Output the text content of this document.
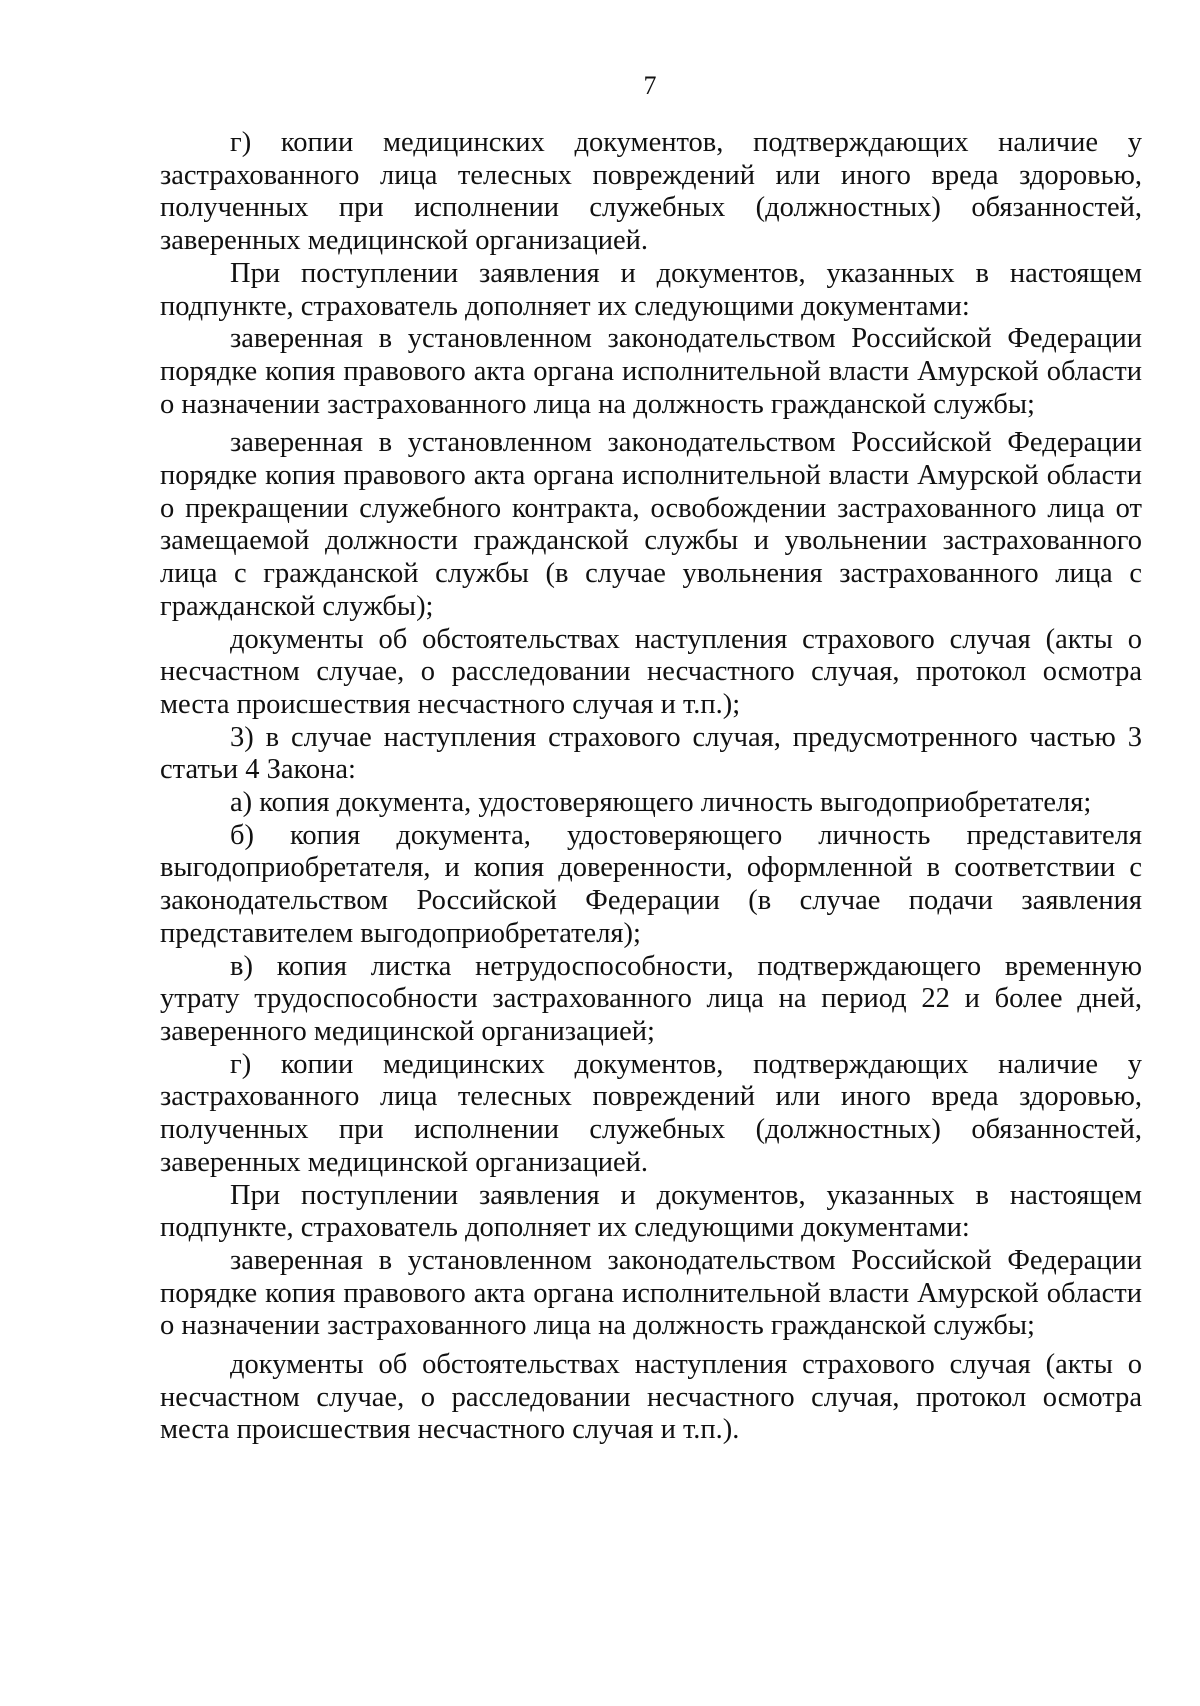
7

г) копии медицинских документов, подтверждающих наличие у застрахованного лица телесных повреждений или иного вреда здоровью, полученных при исполнении служебных (должностных) обязанностей, заверенных медицинской организацией.

При поступлении заявления и документов, указанных в настоящем подпункте, страхователь дополняет их следующими документами:

заверенная в установленном законодательством Российской Федерации порядке копия правового акта органа исполнительной власти Амурской области о назначении застрахованного лица на должность гражданской службы;

заверенная в установленном законодательством Российской Федерации порядке копия правового акта органа исполнительной власти Амурской области о прекращении служебного контракта, освобождении застрахованного лица от замещаемой должности гражданской службы и увольнении застрахованного лица с гражданской службы (в случае увольнения застрахованного лица с гражданской службы);

документы об обстоятельствах наступления страхового случая (акты о несчастном случае, о расследовании несчастного случая, протокол осмотра места происшествия несчастного случая и т.п.);

3) в случае наступления страхового случая, предусмотренного частью 3 статьи 4 Закона:

а) копия документа, удостоверяющего личность выгодоприобретателя;

б) копия документа, удостоверяющего личность представителя выгодоприобретателя, и копия доверенности, оформленной в соответствии с законодательством Российской Федерации (в случае подачи заявления представителем выгодоприобретателя);

в) копия листка нетрудоспособности, подтверждающего временную утрату трудоспособности застрахованного лица на период 22 и более дней, заверенного медицинской организацией;

г) копии медицинских документов, подтверждающих наличие у застрахованного лица телесных повреждений или иного вреда здоровью, полученных при исполнении служебных (должностных) обязанностей, заверенных медицинской организацией.

При поступлении заявления и документов, указанных в настоящем подпункте, страхователь дополняет их следующими документами:

заверенная в установленном законодательством Российской Федерации порядке копия правового акта органа исполнительной власти Амурской области о назначении застрахованного лица на должность гражданской службы;

документы об обстоятельствах наступления страхового случая (акты о несчастном случае, о расследовании несчастного случая, протокол осмотра места происшествия несчастного случая и т.п.).
